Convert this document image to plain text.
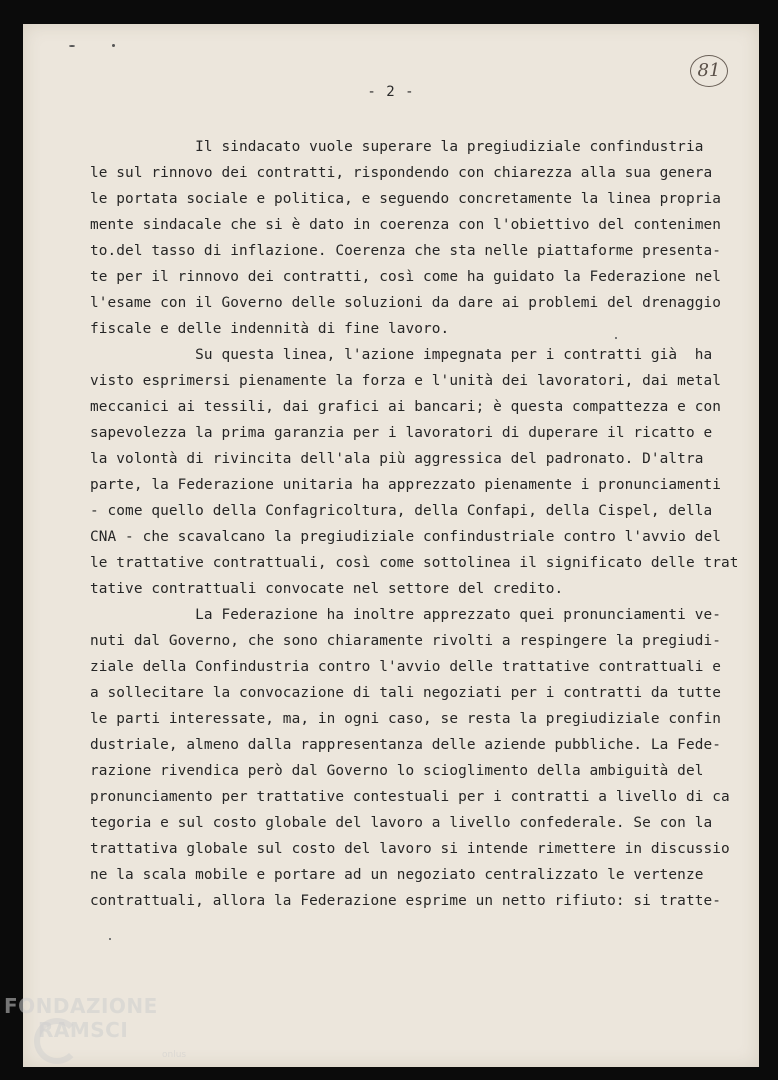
- 2 -
81
Il sindacato vuole superare la pregiudiziale confindustria
le sul rinnovo dei contratti, rispondendo con chiarezza alla sua genera
le portata sociale e politica, e seguendo concretamente la linea propria
mente sindacale che si è dato in coerenza con l'obiettivo del contenimen
to.del tasso di inflazione. Coerenza che sta nelle piattaforme presenta-
te per il rinnovo dei contratti, così come ha guidato la Federazione nel
l'esame con il Governo delle soluzioni da dare ai problemi del drenaggio
fiscale e delle indennità di fine lavoro.
Su questa linea, l'azione impegnata per i contratti già  ha
visto esprimersi pienamente la forza e l'unità dei lavoratori, dai metal
meccanici ai tessili, dai grafici ai bancari; è questa compattezza e con
sapevolezza la prima garanzia per i lavoratori di duperare il ricatto e
la volontà di rivincita dell'ala più aggressica del padronato. D'altra
parte, la Federazione unitaria ha apprezzato pienamente i pronunciamenti
- come quello della Confagricoltura, della Confapi, della Cispel, della
CNA - che scavalcano la pregiudiziale confindustriale contro l'avvio del
le trattative contrattuali, così come sottolinea il significato delle trat
tative contrattuali convocate nel settore del credito.
La Federazione ha inoltre apprezzato quei pronunciamenti ve-
nuti dal Governo, che sono chiaramente rivolti a respingere la pregiudi-
ziale della Confindustria contro l'avvio delle trattative contrattuali e
a sollecitare la convocazione di tali negoziati per i contratti da tutte
le parti interessate, ma, in ogni caso, se resta la pregiudiziale confin
dustriale, almeno dalla rappresentanza delle aziende pubbliche. La Fede-
razione rivendica però dal Governo lo scioglimento della ambiguità del
pronunciamento per trattative contestuali per i contratti a livello di ca
tegoria e sul costo globale del lavoro a livello confederale. Se con la
trattativa globale sul costo del lavoro si intende rimettere in discussio
ne la scala mobile e portare ad un negoziato centralizzato le vertenze
contrattuali, allora la Federazione esprime un netto rifiuto: si tratte-
FONDAZIONE
RAMSCI
onlus
